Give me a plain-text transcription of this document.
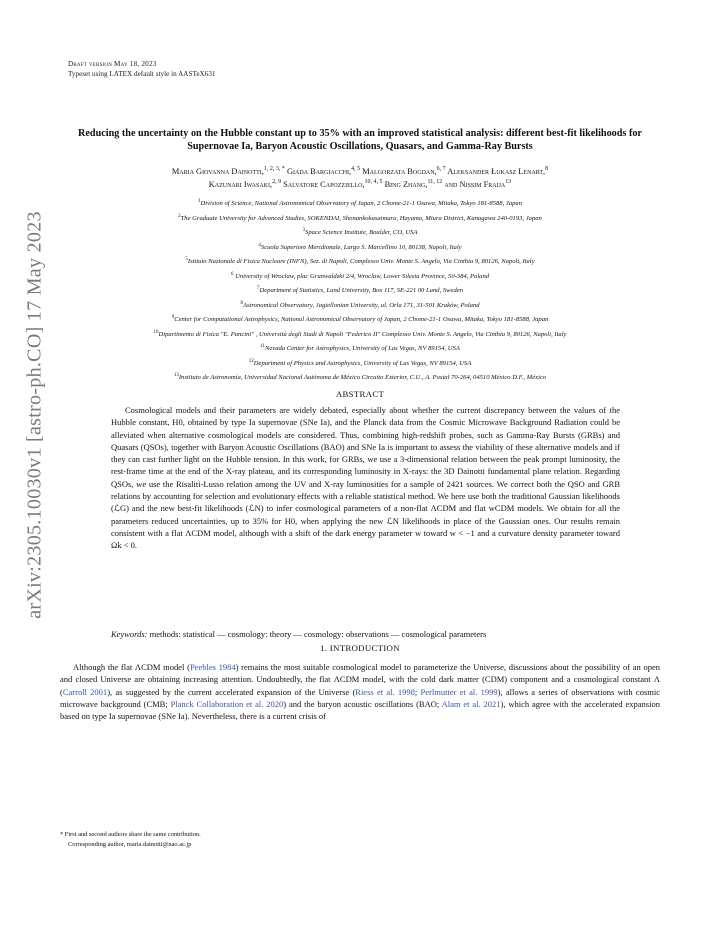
arXiv:2305.10030v1 [astro-ph.CO] 17 May 2023
Draft version May 18, 2023
Typeset using LATEX default style in AASTeX631
Reducing the uncertainty on the Hubble constant up to 35% with an improved statistical analysis: different best-fit likelihoods for Supernovae Ia, Baryon Acoustic Oscillations, Quasars, and Gamma-Ray Bursts
Maria Giovanna Dainotti,$^{1, 2, 3, *}$ Giada Bargiacchi,$^{4, 5}$ Malgorzata Bogdan,$^{6, 7}$ Aleksander Łukasz Lenart,$^8$
Kazunari Iwasaki,$^{2, 9}$ Salvatore Capozziello,$^{10, 4, 5}$ Bing Zhang,$^{11, 12}$ and Nissim Fraija$^{13}$
$^1$Division of Science, National Astronomical Observatory of Japan, 2 Chome-21-1 Osawa, Mitaka, Tokyo 181-8588, Japan
$^2$The Graduate University for Advanced Studies, SOKENDAI, Shonankokusaimura, Hayama, Miura District, Kanagawa 240-0193, Japan
$^3$Space Science Institute, Boulder, CO, USA
$^4$Scuola Superiore Meridionale, Largo S. Marcellino 10, 80138, Napoli, Italy
$^5$Istituto Nazionale di Fisica Nucleare (INFN), Sez. di Napoli, Complesso Univ. Monte S. Angelo, Via Cinthia 9, 80126, Napoli, Italy
$^6$ University of Wroclaw, plac Grunwaldzki 2/4, Wroclaw, Lower Silesia Province, 50-384, Poland
$^7$Department of Statistics, Lund University, Box 117, SE-221 00 Lund, Sweden
$^8$Astronomical Observatory, Jagiellonian University, ul. Orla 171, 31-501 Kraków, Poland
$^9$Center for Computational Astrophysics, National Astronomical Observatory of Japan, 2 Chome-21-1 Osawa, Mitaka, Tokyo 181-8588, Japan
$^{10}$Dipartimento di Fisica "E. Pancini" , Università degli Studi di Napoli "Federico II" Complesso Univ. Monte S. Angelo, Via Cinthia 9, 80126, Napoli, Italy
$^{11}$Nevada Center for Astrophysics, University of Las Vegas, NV 89154, USA
$^{12}$Department of Physics and Astrophysics, University of Las Vegas, NV 89154, USA
$^{13}$Instituto de Astronomía, Universidad Nacional Autónoma de México Circuito Exterior, C.U., A. Postal 70-264, 04510 México D.F., México
ABSTRACT
Cosmological models and their parameters are widely debated, especially about whether the current discrepancy between the values of the Hubble constant, H0, obtained by type Ia supernovae (SNe Ia), and the Planck data from the Cosmic Microwave Background Radiation could be alleviated when alternative cosmological models are considered. Thus, combining high-redshift probes, such as Gamma-Ray Bursts (GRBs) and Quasars (QSOs), together with Baryon Acoustic Oscillations (BAO) and SNe Ia is important to assess the viability of these alternative models and if they can cast further light on the Hubble tension. In this work, for GRBs, we use a 3-dimensional relation between the peak prompt luminosity, the rest-frame time at the end of the X-ray plateau, and its corresponding luminosity in X-rays: the 3D Dainotti fundamental plane relation. Regarding QSOs, we use the Risaliti-Lusso relation among the UV and X-ray luminosities for a sample of 2421 sources. We correct both the QSO and GRB relations by accounting for selection and evolutionary effects with a reliable statistical method. We here use both the traditional Gaussian likelihoods (ℒG) and the new best-fit likelihoods (ℒN) to infer cosmological parameters of a non-flat ΛCDM and flat wCDM models. We obtain for all the parameters reduced uncertainties, up to 35% for H0, when applying the new ℒN likelihoods in place of the Gaussian ones. Our results remain consistent with a flat ΛCDM model, although with a shift of the dark energy parameter w toward w < −1 and a curvature density parameter toward Ωk < 0.
Keywords: methods: statistical — cosmology: theory — cosmology: observations — cosmological parameters
1. INTRODUCTION
Although the flat ΛCDM model (Peebles 1984) remains the most suitable cosmological model to parameterize the Universe, discussions about the possibility of an open and closed Universe are obtaining increasing attention. Undoubtedly, the flat ΛCDM model, with the cold dark matter (CDM) component and a cosmological constant Λ (Carroll 2001), as suggested by the current accelerated expansion of the Universe (Riess et al. 1998; Perlmutter et al. 1999), allows a series of observations with cosmic microwave background (CMB; Planck Collaboration et al. 2020) and the baryon acoustic oscillations (BAO; Alam et al. 2021), which agree with the accelerated expansion based on type Ia supernovae (SNe Ia). Nevertheless, there is a current crisis of
* First and second authors share the same contribution.
Corresponding author, maria.dainotti@nao.ac.jp
